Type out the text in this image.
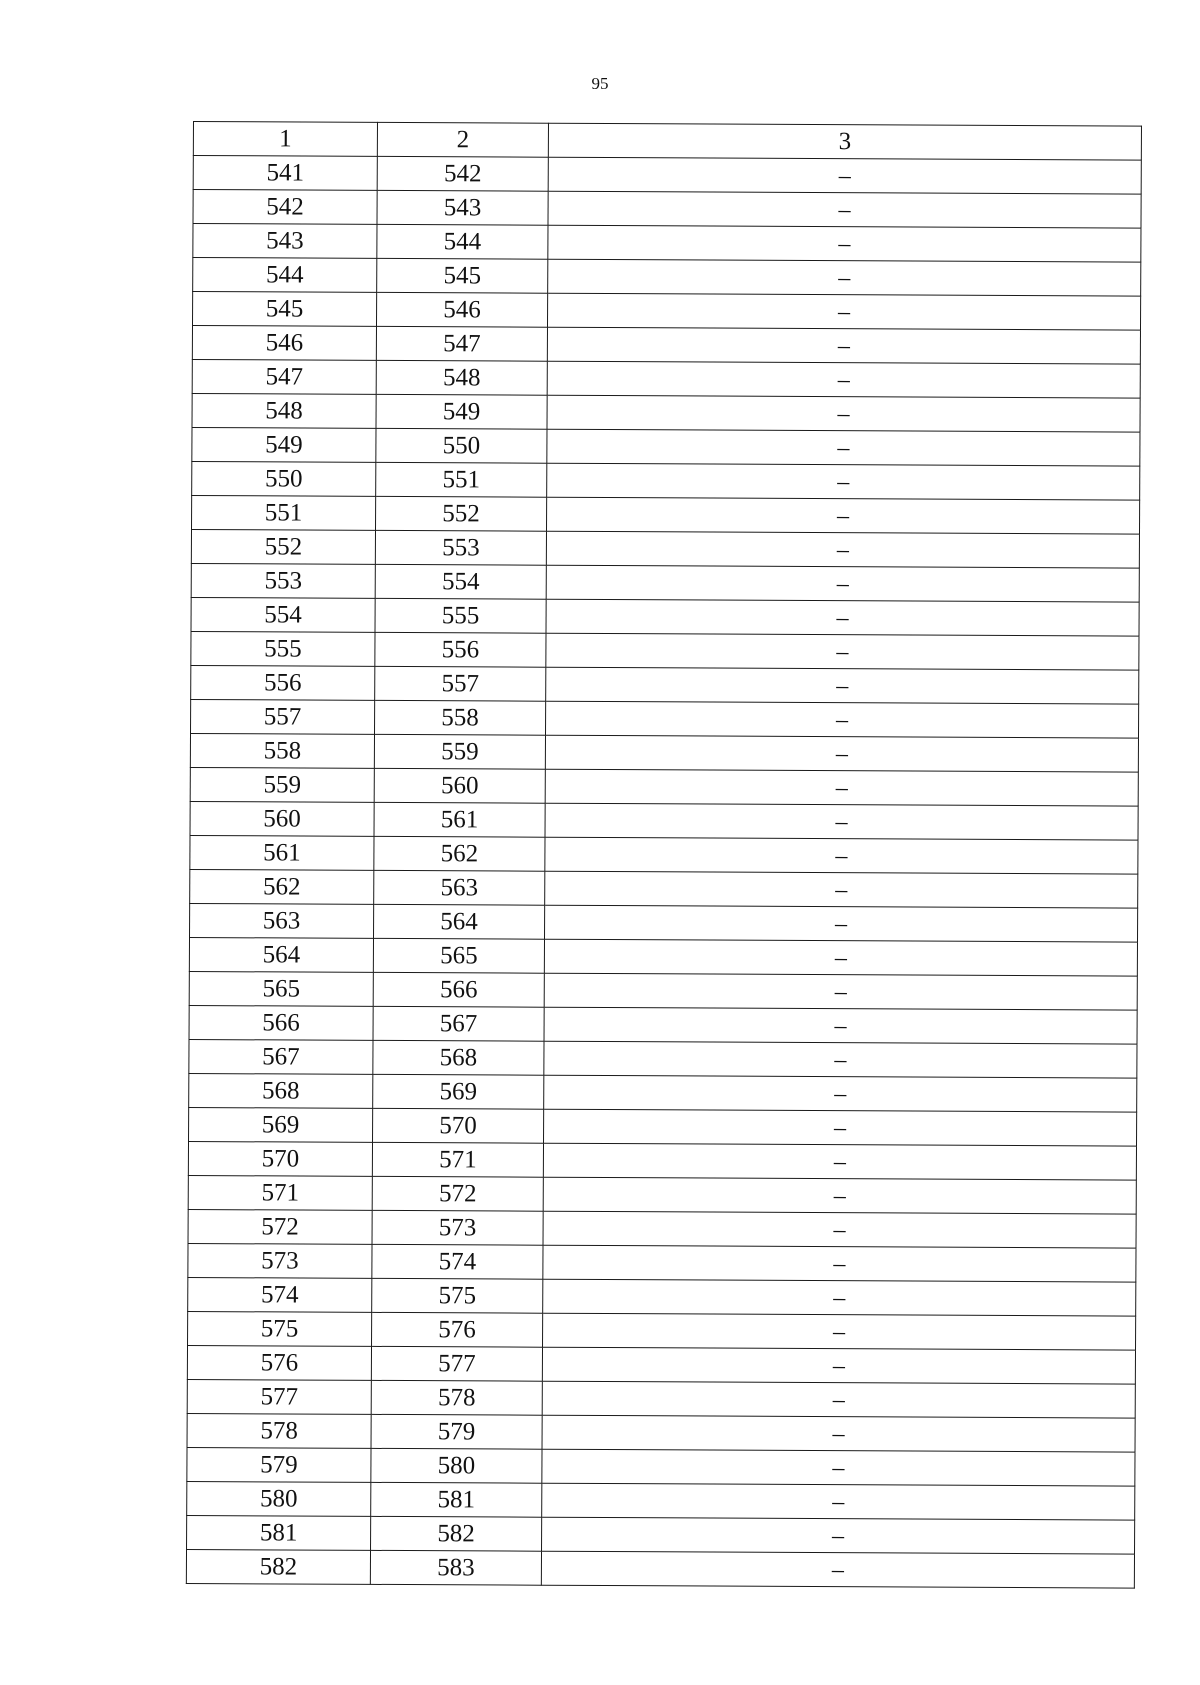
95
1	2	3
541	542	–
542	543	–
543	544	–
544	545	–
545	546	–
546	547	–
547	548	–
548	549	–
549	550	–
550	551	–
551	552	–
552	553	–
553	554	–
554	555	–
555	556	–
556	557	–
557	558	–
558	559	–
559	560	–
560	561	–
561	562	–
562	563	–
563	564	–
564	565	–
565	566	–
566	567	–
567	568	–
568	569	–
569	570	–
570	571	–
571	572	–
572	573	–
573	574	–
574	575	–
575	576	–
576	577	–
577	578	–
578	579	–
579	580	–
580	581	–
581	582	–
582	583	–
